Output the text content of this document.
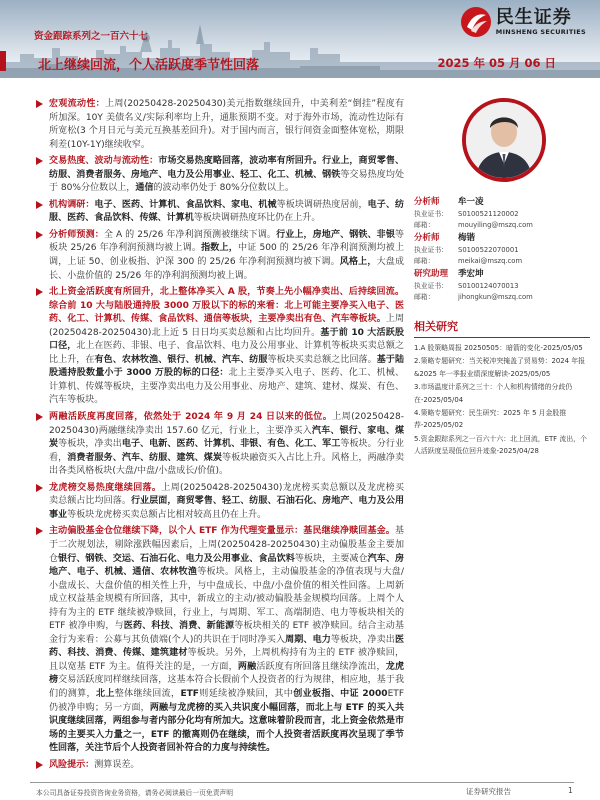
民生证券
MINSHENG SECURITIES
资金跟踪系列之一百六十七
北上继续回流，个人活跃度季节性回落	2025 年 05 月 06 日
宏观流动性：上周(20250428-20250430)美元指数继续回升，中美利差“倒挂”程度有所加深。10Y 美债名义/实际利率均上升，通胀预期不变。对于海外市场，流动性边际有所宽松(3 个月日元与美元互换基差回升)。对于国内而言，银行间资金面整体宽松，期限利差(10Y-1Y)继续收窄。
交易热度、波动与流动性：市场交易热度略回落，波动率有所回升。行业上，商贸零售、纺服、消费者服务、房地产、电力及公用事业、轻工、化工、机械、钢铁等交易热度均处于 80%分位数以上，通信的波动率仍处于 80%分位数以上。
机构调研：电子、医药、计算机、食品饮料、家电、机械等板块调研热度居前，电子、纺服、医药、食品饮料、传媒、计算机等板块调研热度环比仍在上升。
分析师预测：全 A 的 25/26 年净利润预测被继续下调。行业上，房地产、钢铁、非银等板块 25/26 年净利润预测均被上调。指数上，中证 500 的 25/26 年净利润预测均被上调，上证 50、创业板指、沪深 300 的 25/26 年净利润预测均被下调。风格上，大盘成长、小盘价值的 25/26 年的净利润预测均被上调。
北上资金活跃度有所回升，北上整体净买入 A 股，节奏上先小幅净卖出、后持续回流。综合前 10 大与陆股通持股 3000 万股以下的标的来看：北上可能主要净买入电子、医药、化工、计算机、传媒、食品饮料、通信等板块，主要净卖出有色、汽车等板块。上周(20250428-20250430)北上近 5 日日均买卖总额和占比均回升。基于前 10 大活跃股口径，北上在医药、非银、电子、食品饮料、电力及公用事业、计算机等板块买卖总额之比上升，在有色、农林牧渔、银行、机械、汽车、纺服等板块买卖总额之比回落。基于陆股通持股数量小于 3000 万股的标的口径：北上主要净买入电子、医药、化工、机械、计算机、传媒等板块，主要净卖出电力及公用事业、房地产、建筑、建材、煤炭、有色、汽车等板块。
两融活跃度再度回落，依然处于 2024 年 9 月 24 日以来的低位。上周(20250428-20250430)两融继续净卖出 157.60 亿元，行业上，主要净买入汽车、银行、家电、煤炭等板块，净卖出电子、电新、医药、计算机、非银、有色、化工、军工等板块。分行业看，消费者服务、汽车、纺服、建筑、煤炭等板块融资买入占比上升。风格上，两融净卖出各类风格板块(大盘/中盘/小盘成长/价值)。
龙虎榜交易热度继续回落。上周(20250428-20250430)龙虎榜买卖总额以及龙虎榜买卖总额占比均回落。行业层面，商贸零售、轻工、纺服、石油石化、房地产、电力及公用事业等板块龙虎榜买卖总额占比相对较高且仍在上升。
主动偏股基金仓位继续下降，以个人 ETF 作为代理变量显示：基民继续净赎回基金。基于二次规划法，剔除涨跌幅因素后，上周(20250428-20250430)主动偏股基金主要加仓银行、钢铁、交运、石油石化、电力及公用事业、食品饮料等板块，主要减仓汽车、房地产、电子、机械、通信、农林牧渔等板块。风格上，主动偏股基金的净值表现与大盘/小盘成长、大盘价值的相关性上升，与中盘成长、中盘/小盘价值的相关性回落。上周新成立权益基金规模有所回落，其中，新成立的主动/被动偏股基金规模均回落。上周个人持有为主的 ETF 继续被净赎回，行业上，与周期、军工、高端制造、电力等板块相关的 ETF 被净申购，与医药、科技、消费、新能源等板块相关的 ETF 被净赎回。结合主动基金行为来看：公募与其负债端(个人)的共识在于同时净买入周期、电力等板块，净卖出医药、科技、消费、传媒、建筑建材等板块。另外，上周机构持有为主的 ETF 被净赎回，且以宽基 ETF 为主。值得关注的是，一方面，两融活跃度有所回落且继续净流出，龙虎榜交易活跃度同样继续回落，这基本符合长假前个人投资者的行为规律，相应地，基于我们的测算，北上整体继续回流，ETF则延续被净赎回，其中创业板指、中证 2000ETF 仍被净申购；另一方面，两融与龙虎榜的买入共识度小幅回落，而北上与 ETF 的买入共识度继续回落，两组参与者内部分化均有所加大。这意味着阶段而言，北上资金依然是市场的主要买入力量之一，ETF 的撤离则仍在继续，而个人投资者活跃度再次呈现了季节性回落，关注节后个人投资者回补符合的力度与持续性。
风险提示：测算误差。
分析师	牟一凌
执业证书：	S0100521120002
邮箱：	mouyiling@mszq.com
分析师	梅锴
执业证书：	S0100522070001
邮箱：	meikai@mszq.com
研究助理	季宏坤
执业证书：	S0100124070013
邮箱：	jihongkun@mszq.com
相关研究
1.A 股策略周报 20250505：暗箭的变化-2025/05/05
2.策略专题研究：当关税冲突掩盖了贸易势：2024 年报&2025 年一季报业绩深度解读-2025/05/05
3.市场温度计系列之三十：个人和机构情绪的分歧仍在-2025/05/04
4.策略专题研究：民生研究：2025 年 5 月金股推荐-2025/05/02
5.资金跟踪系列之一百六十六：北上回流，ETF 流出，个人活跃度呈现低位回升迹象-2025/04/28
本公司具备证券投资咨询业务资格，请务必阅读最后一页免责声明	证券研究报告	1
